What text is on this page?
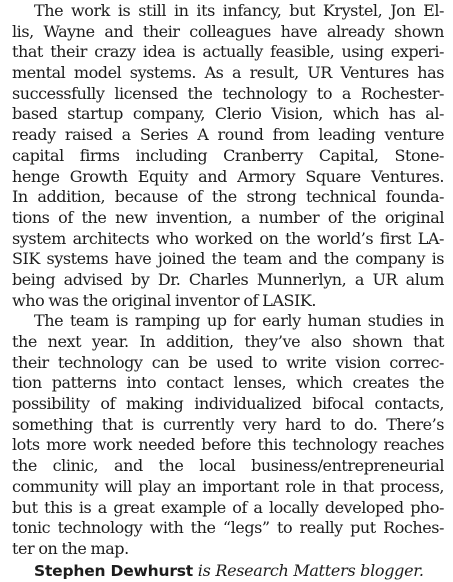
The work is still in its infancy, but Krystel, Jon El-
lis, Wayne and their colleagues have already shown
that their crazy idea is actually feasible, using experi-
mental model systems. As a result, UR Ventures has
successfully licensed the technology to a Rochester-
based startup company, Clerio Vision, which has al-
ready raised a Series A round from leading venture
capital firms including Cranberry Capital, Stone-
henge Growth Equity and Armory Square Ventures.
In addition, because of the strong technical founda-
tions of the new invention, a number of the original
system architects who worked on the world’s first LA-
SIK systems have joined the team and the company is
being advised by Dr. Charles Munnerlyn, a UR alum
who was the original inventor of LASIK.
The team is ramping up for early human studies in
the next year. In addition, they’ve also shown that
their technology can be used to write vision correc-
tion patterns into contact lenses, which creates the
possibility of making individualized bifocal contacts,
something that is currently very hard to do. There’s
lots more work needed before this technology reaches
the clinic, and the local business/entrepreneurial
community will play an important role in that process,
but this is a great example of a locally developed pho-
tonic technology with the “legs” to really put Roches-
ter on the map.
Stephen Dewhurst is Research Matters blogger.
